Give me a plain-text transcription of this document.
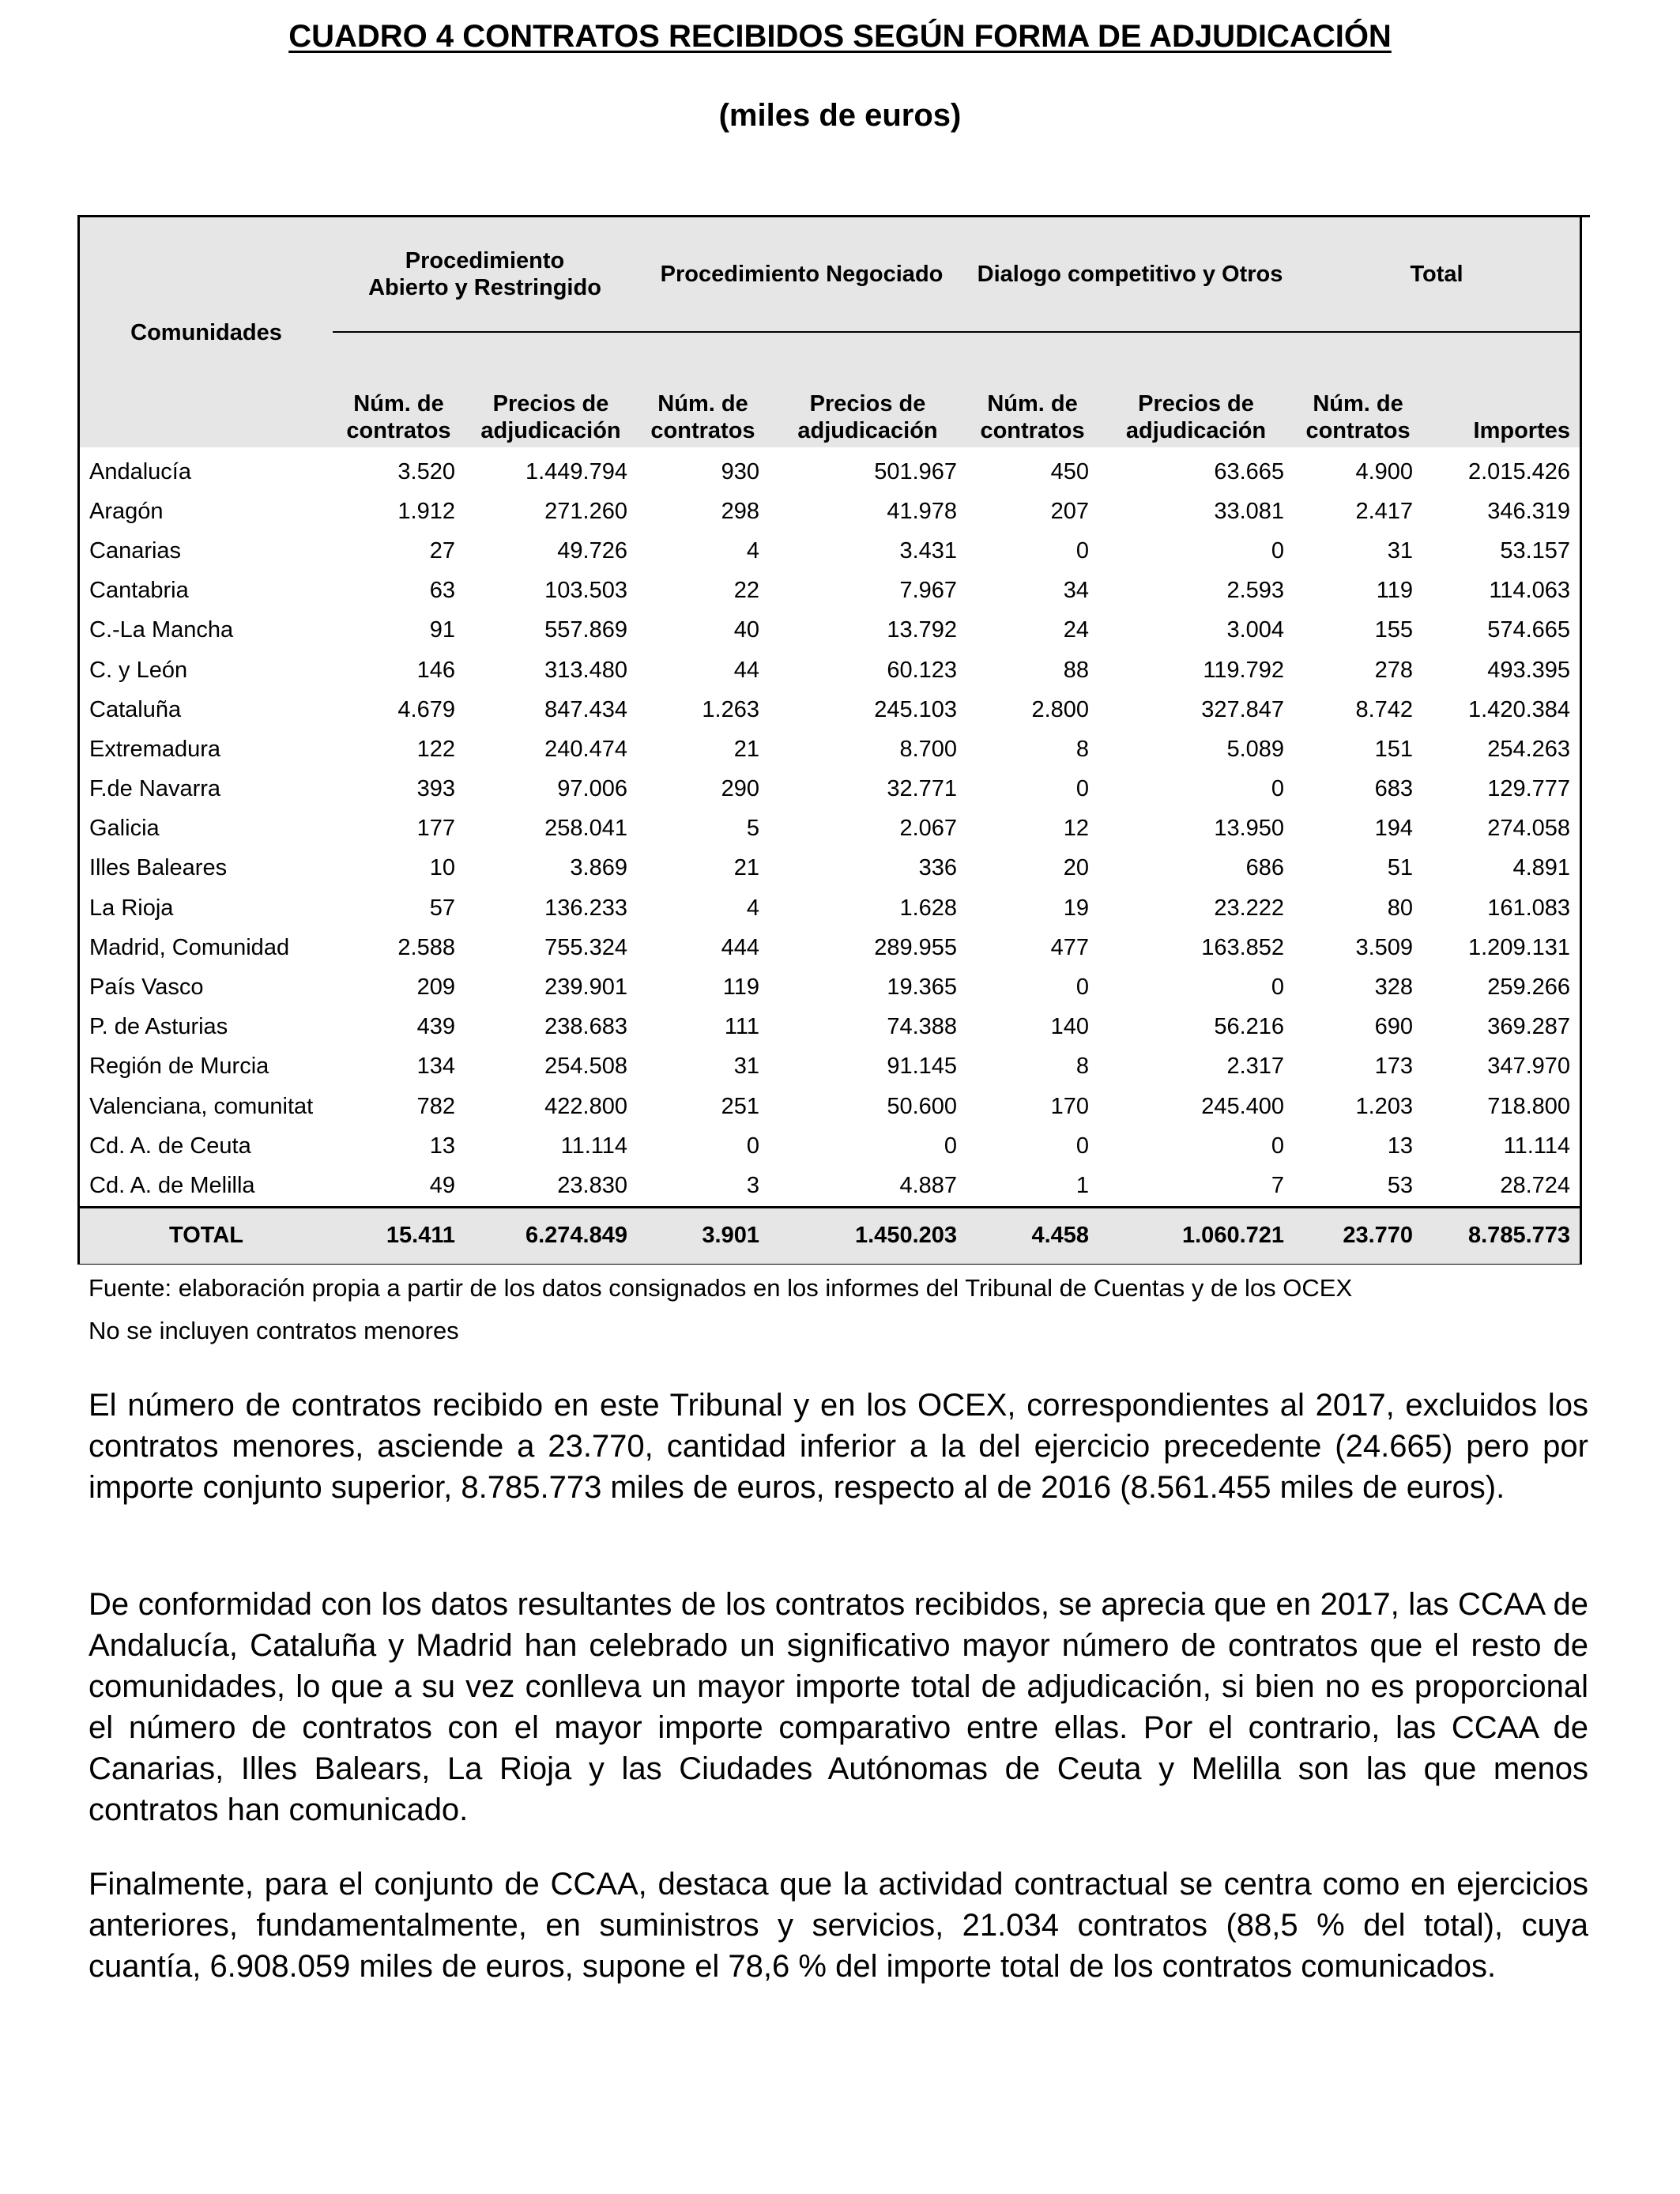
CUADRO 4 CONTRATOS RECIBIDOS SEGÚN FORMA DE ADJUDICACIÓN
(miles de euros)
Comunidades	Procedimiento Abierto y Restringido		Procedimiento Negociado		Dialogo competitivo y Otros		Total	
	Núm. de contratos	Precios de adjudicación	Núm. de contratos	Precios de adjudicación	Núm. de contratos	Precios de adjudicación	Núm. de contratos	Importes
Andalucía	3.520	1.449.794	930	501.967	450	63.665	4.900	2.015.426
Aragón	1.912	271.260	298	41.978	207	33.081	2.417	346.319
Canarias	27	49.726	4	3.431	0	0	31	53.157
Cantabria	63	103.503	22	7.967	34	2.593	119	114.063
C.-La Mancha	91	557.869	40	13.792	24	3.004	155	574.665
C. y León	146	313.480	44	60.123	88	119.792	278	493.395
Cataluña	4.679	847.434	1.263	245.103	2.800	327.847	8.742	1.420.384
Extremadura	122	240.474	21	8.700	8	5.089	151	254.263
F.de Navarra	393	97.006	290	32.771	0	0	683	129.777
Galicia	177	258.041	5	2.067	12	13.950	194	274.058
Illes Baleares	10	3.869	21	336	20	686	51	4.891
La Rioja	57	136.233	4	1.628	19	23.222	80	161.083
Madrid, Comunidad	2.588	755.324	444	289.955	477	163.852	3.509	1.209.131
País Vasco	209	239.901	119	19.365	0	0	328	259.266
P. de Asturias	439	238.683	111	74.388	140	56.216	690	369.287
Región de Murcia	134	254.508	31	91.145	8	2.317	173	347.970
Valenciana, comunitat	782	422.800	251	50.600	170	245.400	1.203	718.800
Cd. A. de Ceuta	13	11.114	0	0	0	0	13	11.114
Cd. A. de Melilla	49	23.830	3	4.887	1	7	53	28.724
TOTAL	15.411	6.274.849	3.901	1.450.203	4.458	1.060.721	23.770	8.785.773
Fuente: elaboración propia a partir de los datos consignados en los informes del Tribunal de Cuentas y de los OCEX
No se incluyen contratos menores
El número de contratos recibido en este Tribunal y en los OCEX, correspondientes al 2017, excluidos los contratos menores, asciende a 23.770, cantidad inferior a la del ejercicio precedente (24.665) pero por importe conjunto superior, 8.785.773 miles de euros, respecto al de 2016 (8.561.455 miles de euros).
De conformidad con los datos resultantes de los contratos recibidos, se aprecia que en 2017, las CCAA de Andalucía, Cataluña y Madrid han celebrado un significativo mayor número de contratos que el resto de comunidades, lo que a su vez conlleva un mayor importe total de adjudicación, si bien no es proporcional el número de contratos con el mayor importe comparativo entre ellas. Por el contrario, las CCAA de Canarias, Illes Balears, La Rioja y las Ciudades Autónomas de Ceuta y Melilla son las que menos contratos han comunicado.
Finalmente, para el conjunto de CCAA, destaca que la actividad contractual se centra como en ejercicios anteriores, fundamentalmente, en suministros y servicios, 21.034 contratos (88,5 % del total), cuya cuantía, 6.908.059 miles de euros, supone el 78,6 % del importe total de los contratos comunicados.
